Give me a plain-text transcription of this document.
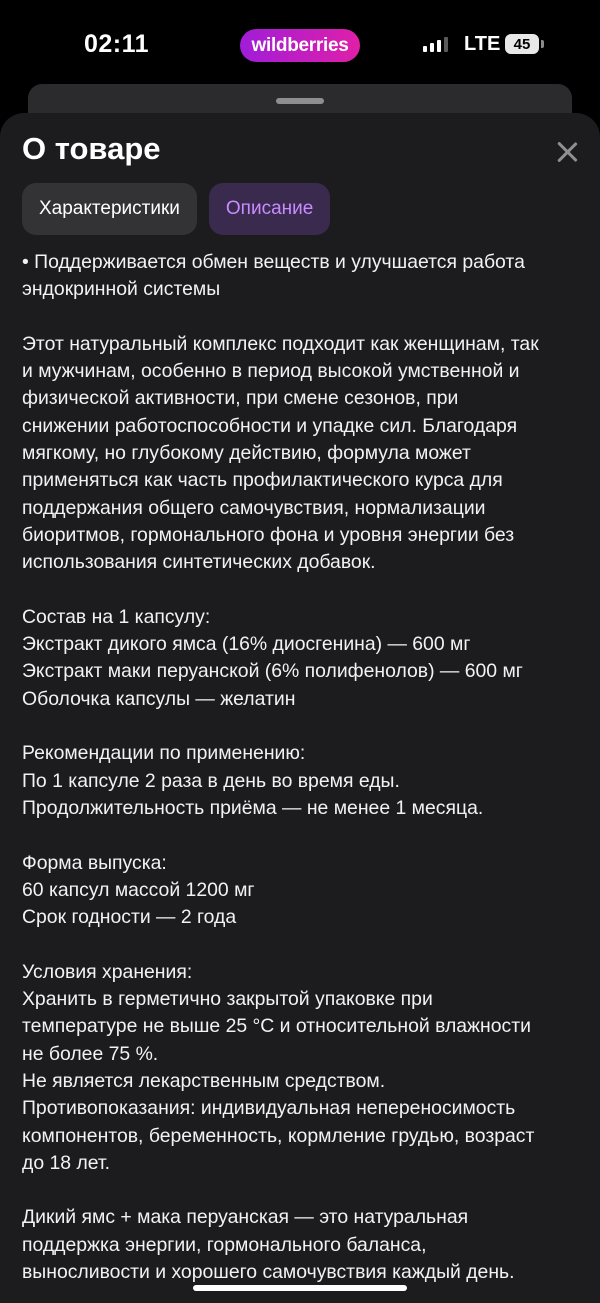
02:11	wildberries	LTE 45
О товаре
Характеристики	Описание

• Поддерживается обмен веществ и улучшается работа
эндокринной системы

Этот натуральный комплекс подходит как женщинам, так
и мужчинам, особенно в период высокой умственной и
физической активности, при смене сезонов, при
снижении работоспособности и упадке сил. Благодаря
мягкому, но глубокому действию, формула может
применяться как часть профилактического курса для
поддержания общего самочувствия, нормализации
биоритмов, гормонального фона и уровня энергии без
использования синтетических добавок.

Состав на 1 капсулу:
Экстракт дикого ямса (16% диосгенина) — 600 мг
Экстракт маки перуанской (6% полифенолов) — 600 мг
Оболочка капсулы — желатин

Рекомендации по применению:
По 1 капсуле 2 раза в день во время еды.
Продолжительность приёма — не менее 1 месяца.

Форма выпуска:
60 капсул массой 1200 мг
Срок годности — 2 года

Условия хранения:
Хранить в герметично закрытой упаковке при
температуре не выше 25 °С и относительной влажности
не более 75 %.
Не является лекарственным средством.
Противопоказания: индивидуальная непереносимость
компонентов, беременность, кормление грудью, возраст
до 18 лет.

Дикий ямс + мака перуанская — это натуральная
поддержка энергии, гормонального баланса,
выносливости и хорошего самочувствия каждый день.
